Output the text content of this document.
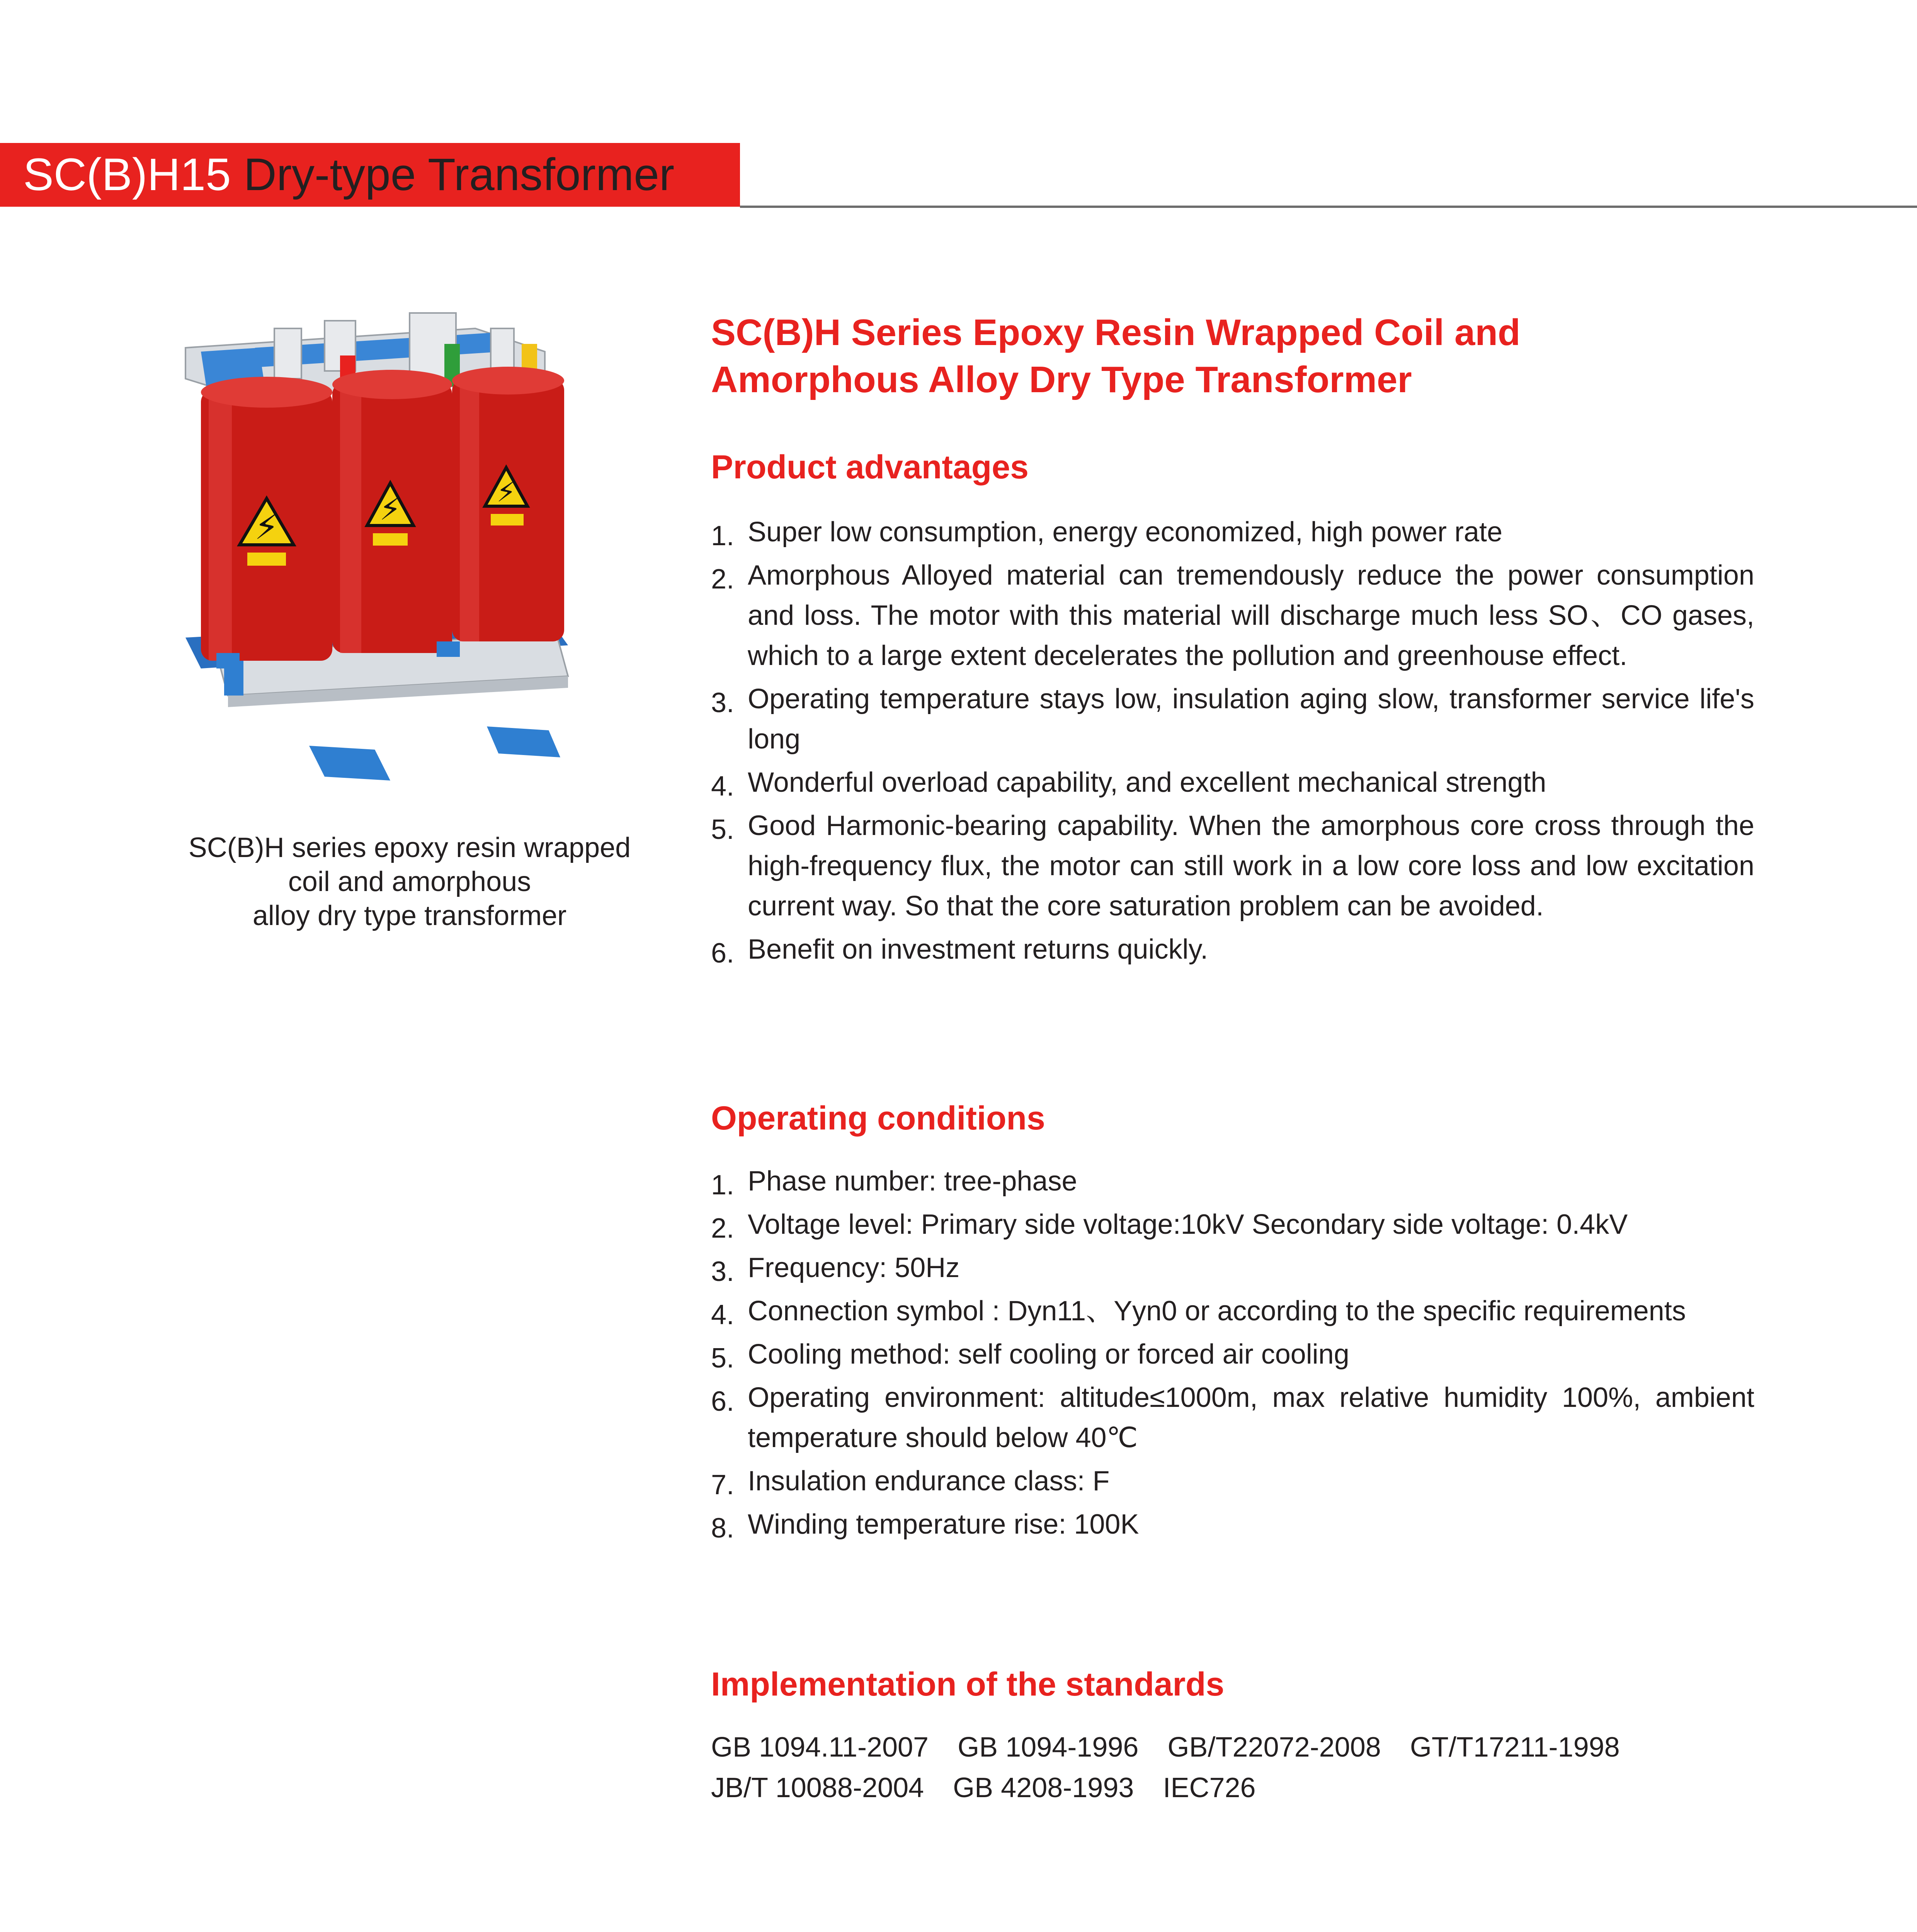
SC(B)H15 Dry-type Transformer
⚡	⚡	⚡
SC(B)H series epoxy resin wrapped
coil and amorphous
alloy dry type transformer
SC(B)H Series Epoxy Resin Wrapped Coil and
Amorphous Alloy Dry Type Transformer
Product advantages
1. Super low consumption, energy economized, high power rate
2. Amorphous Alloyed material can tremendously reduce the power consumption and loss. The motor with this material will discharge much less SO、CO gases, which to a large extent decelerates the pollution and greenhouse effect.
3. Operating temperature stays low, insulation aging slow, transformer service life's long
4. Wonderful overload capability, and excellent mechanical strength
5. Good Harmonic-bearing capability. When the amorphous core cross through the high-frequency flux, the motor can still work in a low core loss and low excitation current way. So that the core saturation problem can be avoided.
6. Benefit on investment returns quickly.
Operating conditions
1. Phase number: tree-phase
2. Voltage level: Primary side voltage:10kV Secondary side voltage: 0.4kV
3. Frequency: 50Hz
4. Connection symbol : Dyn11、Yyn0 or according to the specific requirements
5. Cooling method: self cooling or forced air cooling
6. Operating environment: altitude≤1000m, max relative humidity 100%, ambient temperature should below 40℃
7. Insulation endurance class: F
8. Winding temperature rise: 100K
Implementation of the standards
GB 1094.11-2007 GB 1094-1996 GB/T22072-2008 GT/T17211-1998
JB/T 10088-2004 GB 4208-1993 IEC726
